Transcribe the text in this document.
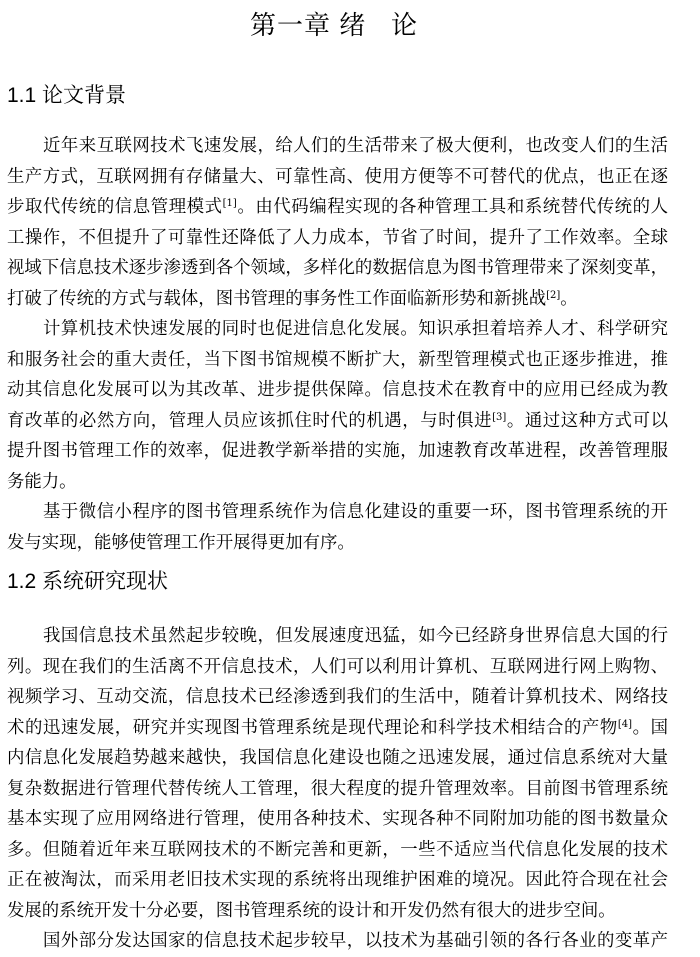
第一章 绪   论
1.1 论文背景
近年来互联网技术飞速发展，给人们的生活带来了极大便利，也改变人们的生活
生产方式，互联网拥有存储量大、可靠性高、使用方便等不可替代的优点，也正在逐
步取代传统的信息管理模式[1]。由代码编程实现的各种管理工具和系统替代传统的人
工操作，不但提升了可靠性还降低了人力成本，节省了时间，提升了工作效率。全球
视域下信息技术逐步渗透到各个领域，多样化的数据信息为图书管理带来了深刻变革，
打破了传统的方式与载体，图书管理的事务性工作面临新形势和新挑战[2]。
计算机技术快速发展的同时也促进信息化发展。知识承担着培养人才、科学研究
和服务社会的重大责任，当下图书馆规模不断扩大，新型管理模式也正逐步推进，推
动其信息化发展可以为其改革、进步提供保障。信息技术在教育中的应用已经成为教
育改革的必然方向，管理人员应该抓住时代的机遇，与时俱进[3]。通过这种方式可以
提升图书管理工作的效率，促进教学新举措的实施，加速教育改革进程，改善管理服
务能力。
基于微信小程序的图书管理系统作为信息化建设的重要一环，图书管理系统的开
发与实现，能够使管理工作开展得更加有序。
1.2 系统研究现状
我国信息技术虽然起步较晚，但发展速度迅猛，如今已经跻身世界信息大国的行
列。现在我们的生活离不开信息技术，人们可以利用计算机、互联网进行网上购物、
视频学习、互动交流，信息技术已经渗透到我们的生活中，随着计算机技术、网络技
术的迅速发展，研究并实现图书管理系统是现代理论和科学技术相结合的产物[4]。国
内信息化发展趋势越来越快，我国信息化建设也随之迅速发展，通过信息系统对大量
复杂数据进行管理代替传统人工管理，很大程度的提升管理效率。目前图书管理系统
基本实现了应用网络进行管理，使用各种技术、实现各种不同附加功能的图书数量众
多。但随着近年来互联网技术的不断完善和更新，一些不适应当代信息化发展的技术
正在被淘汰，而采用老旧技术实现的系统将出现维护困难的境况。因此符合现在社会
发展的系统开发十分必要，图书管理系统的设计和开发仍然有很大的进步空间。
国外部分发达国家的信息技术起步较早，以技术为基础引领的各行各业的变革产
